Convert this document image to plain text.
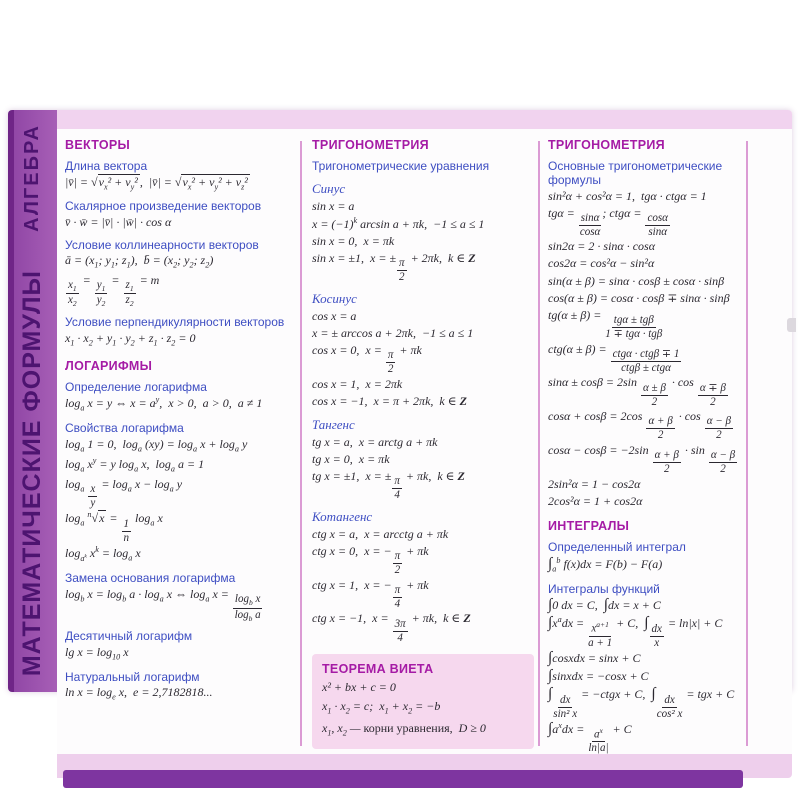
АЛГЕБРА
МАТЕМАТИЧЕСКИЕ ФОРМУЛЫ
ВЕКТОРЫ
Длина вектора
|v̄| = $√v_x^2 + v_y^2$ ,  |v̄| = $√v_x^2 + v_y^2 + v_z^2$
Скалярное произведение векторов
v̄ · w̄ = |v̄| · |w̄| · cos α
Условие коллинеарности векторов
ā = ($x_1$; $y_1$; $z_1$),  b̄ = ($x_2$; $y_2$; $z_2$)
$\frac{x_1}{x_2}$
=
$\frac{y_1}{y_2}$
=
$\frac{z_1}{z_2}$
= m
Условие перпендикулярности векторов
$x_1 \cdot x_2 + y_1 \cdot y_2 + z_1 \cdot z_2 = 0$
ЛОГАРИФМЫ
Определение логарифма
$\log_a x = y$ ⇔ $x = a^y$,  x > 0,  a > 0,  a ≠ 1
Свойства логарифма
$\log_a 1 = 0$,  $\log_a (xy) = \log_a x + \log_a y$
$\log_a x^y = y$ $\log_a x$,  $\log_a a = 1$
$\log_a \frac{x}{y}$
= $\log_a x - \log_a y$
$\log_a ^n√x$ =
$\frac{1}{n}$
$\log_a x$
$\log_{a^k} x^k = \log_a x$
Замена основания логарифма
$\log_b x = \log_b a \cdot \log_a x$ ⇔ $\log_a x$ =
$\frac{\log_b x}{\log_b a}$
Десятичный логарифм
$\lg x = \log_{10} x$
Натуральный логарифм
$\ln x = \log_e x$,  e = 2,7182818...
ТРИГОНОМЕТРИЯ
Тригонометрические уравнения
Синус
sin x = a
$x = (-1)^k$ arcsin a + πk,  −1 ≤ a ≤ 1
sin x = 0,  x = πk
sin x = ±1,  x = ±
$\frac{\pi}{2}$
+ 2πk,  k ∈ Z
Косинус
cos x = a
x = ± arccos a + 2πk,  −1 ≤ a ≤ 1
cos x = 0,  x =
$\frac{\pi}{2}$
+ πk
cos x = 1,  x = 2πk
cos x = −1,  x = π + 2πk,  k ∈ Z
Тангенс
tg x = a,  x = arctg a + πk
tg x = 0,  x = πk
tg x = ±1,  x = ±
$\frac{\pi}{4}$
+ πk,  k ∈ Z
Котангенс
ctg x = a,  x = arcctg a + πk
ctg x = 0,  x = −
$\frac{\pi}{2}$
+ πk
ctg x = 1,  x = −
$\frac{\pi}{4}$
+ πk
ctg x = −1,  x =
$\frac{3\pi}{4}$
+ πk,  k ∈ Z
ТЕОРЕМА ВИЕТА
x² + bx + c = 0
$x_1 \cdot x_2 = c$;  $x_1 + x_2 = -b$
$x_1$, $x_2$ — корни уравнения,  D ≥ 0
ТРИГОНОМЕТРИЯ
Основные тригонометрические формулы
sin²α + cos²α = 1,  tgα · ctgα = 1
tgα =
$\frac{\sin\alpha}{\cos\alpha}$
; ctgα =
$\frac{\cos\alpha}{\sin\alpha}$
sin2α = 2 · sinα · cosα
cos2α = cos²α − sin²α
sin(α ± β) = sinα · cosβ ± cosα · sinβ
cos(α ± β) = cosα · cosβ ∓ sinα · sinβ
tg(α ± β) = tgα ± tgβ
1 ∓ tgα · tgβ
ctg(α ± β) = ctgα · ctgβ ∓ 1
ctgβ ± ctgα
sinα ± cosβ = 2sin
$\frac{\alpha \pm \beta}{2}$
· cos
$\frac{\alpha \mp \beta}{2}$
cosα + cosβ = 2cos
$\frac{\alpha + \beta}{2}$
· cos
$\frac{\alpha - \beta}{2}$
cosα − cosβ = −2sin
$\frac{\alpha + \beta}{2}$
· sin
$\frac{\alpha - \beta}{2}$
2sin²α = 1 − cos2α
2cos²α = 1 + cos2α
ИНТЕГРАЛЫ
Определенный интеграл
$\int_a^b$ f(x)dx = F(b) − F(a)
Интегралы функций
∫0 dx = C,  ∫dx = x + C
$\int x^adx = \frac{x^{a+1}}{a + 1} + C$,  ∫
$\frac{dx}{x}$
= ln|x| + C
∫cosxdx = sinx + C
∫sinxdx = −cosx + C
∫
$\frac{dx}{\text{sin² x}}$
= −ctgx + C,  ∫
$\frac{dx}{\text{cos² x}}$
= tgx + C
$\int a^xdx = \frac{a^x}{\ln|a|} + C$
